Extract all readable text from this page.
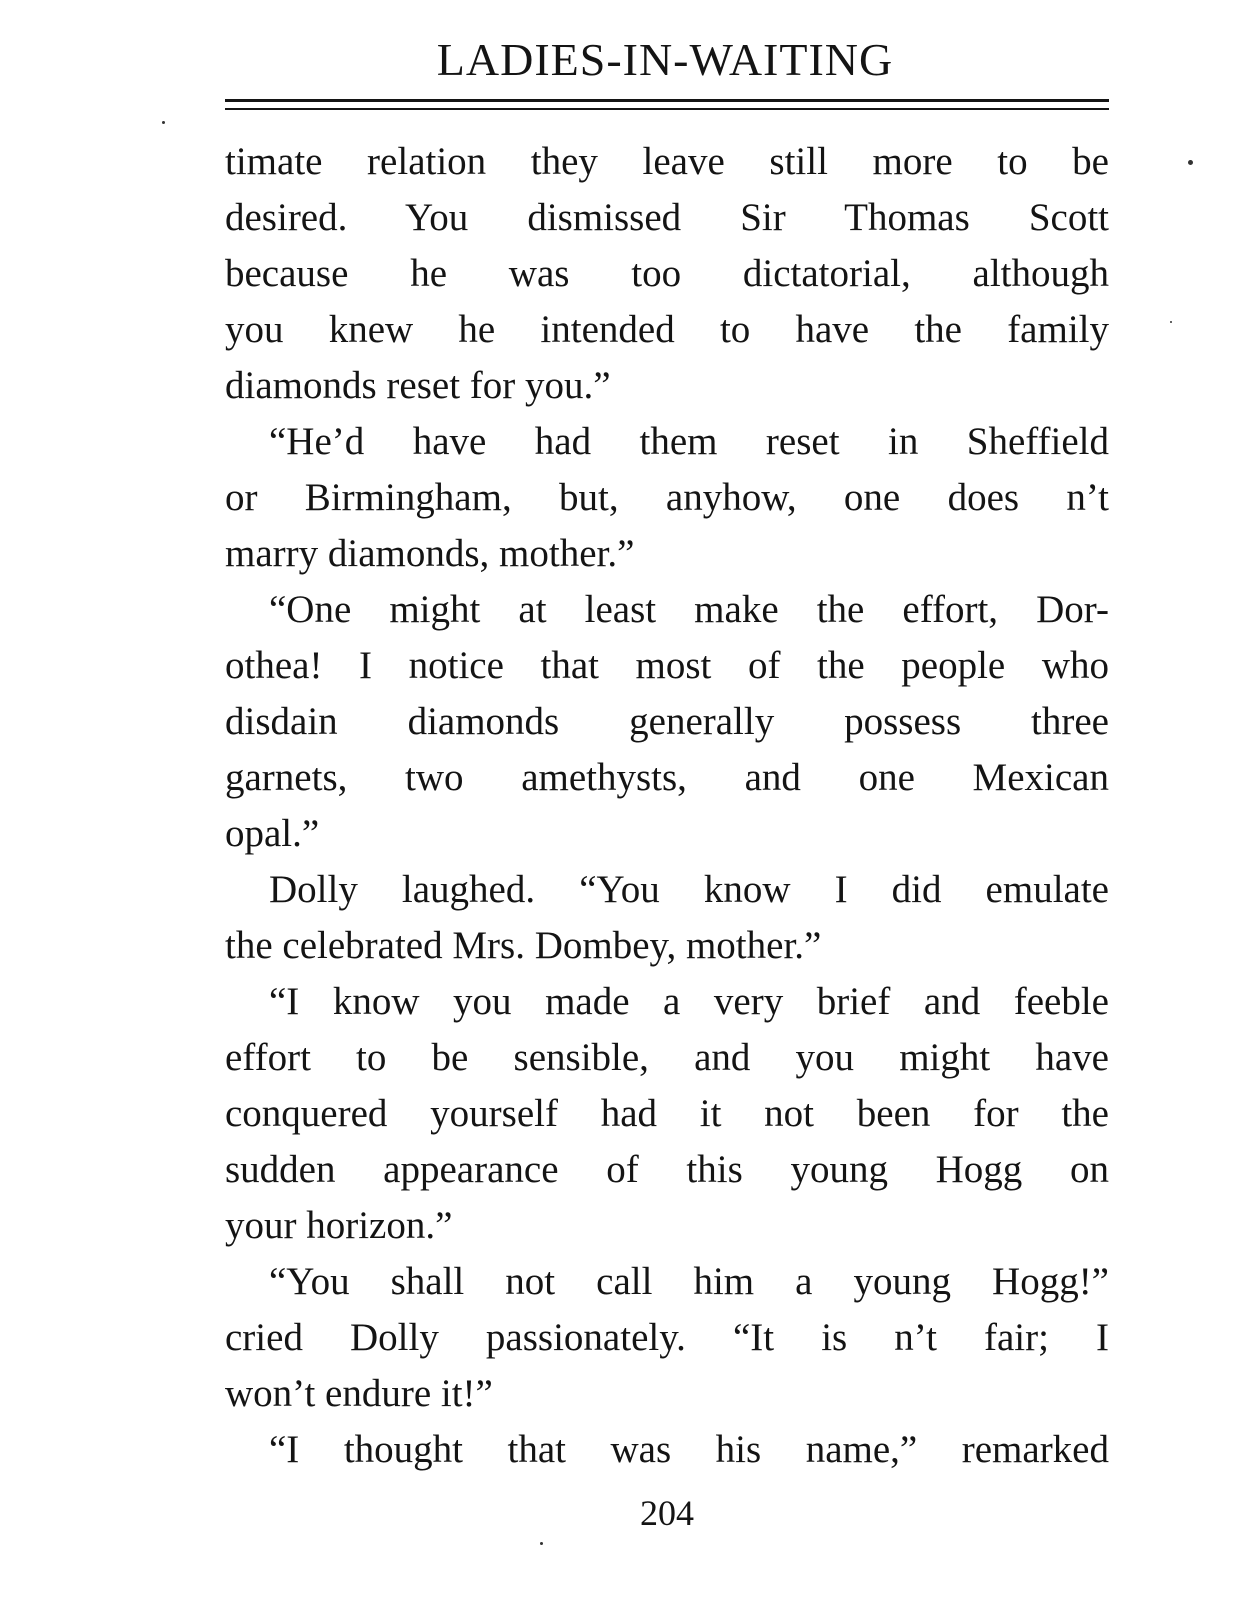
LADIES-IN-WAITING
timate relation they leave still more to be
desired. You dismissed Sir Thomas Scott
because he was too dictatorial, although
you knew he intended to have the family
diamonds reset for you.”
“He’d have had them reset in Sheffield
or Birmingham, but, anyhow, one does n’t
marry diamonds, mother.”
“One might at least make the effort, Dor-
othea! I notice that most of the people who
disdain diamonds generally possess three
garnets, two amethysts, and one Mexican
opal.”
Dolly laughed. “You know I did emulate
the celebrated Mrs. Dombey, mother.”
“I know you made a very brief and feeble
effort to be sensible, and you might have
conquered yourself had it not been for the
sudden appearance of this young Hogg on
your horizon.”
“You shall not call him a young Hogg!”
cried Dolly passionately. “It is n’t fair; I
won’t endure it!”
“I thought that was his name,” remarked
204
